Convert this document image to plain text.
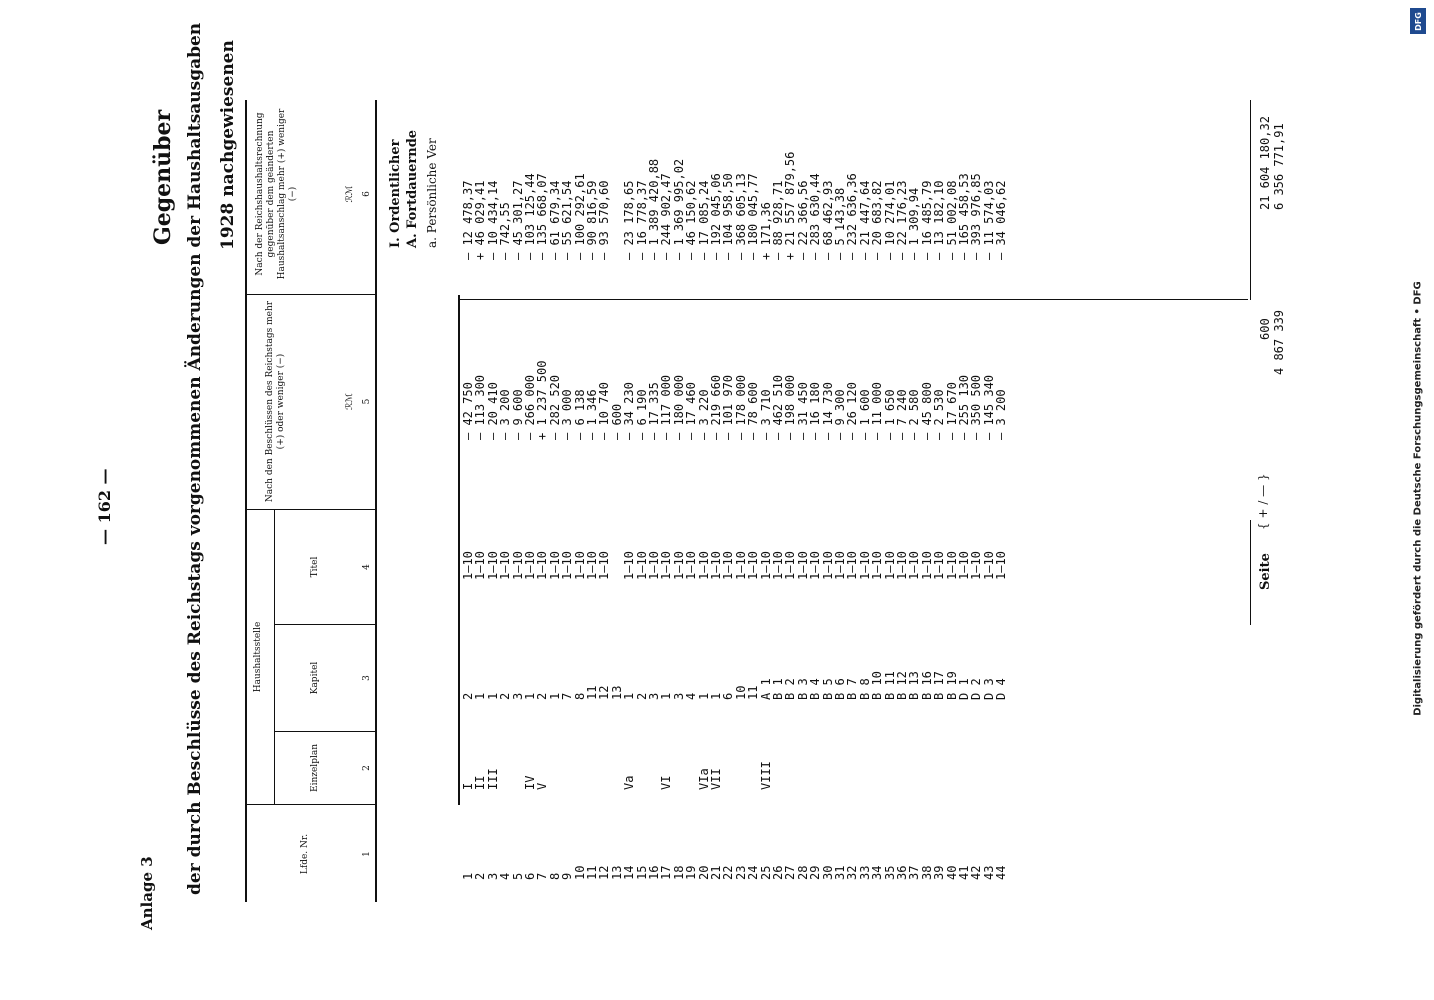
— 162 —
Anlage 3
Gegenüber der durch Beschlüsse des Reichstags vorgenommenen Änderungen der Haushaltsausgaben 1928 nachgewiesenen
Lfde. Nr.
Haushaltsstelle
Einzelplan
Kapitel
Titel
Nach den Beschlüssen des Reichstags mehr (+) oder weniger (−)	ℛℳ
Nach der Reichshaushaltsrechnung gegenüber dem geänderten Haushaltsanschlag mehr (+) weniger (−)	ℛℳ
1
2
3
4
5
6 I. Ordentlicher A. Fortdauernde a. Persönliche Ver
1
I
2
1—10
— 42 750
— 12 478,37
2
II
1
1—10
— 113 300
+ 46 029,41
3
III
1
1—10
— 20 410
— 10 434,14
4
2
1—10
— 3 200
— 742,55
5
3
1—10
— 9 600
— 45 301,27
6
IV
1
1—10
— 266 000
— 103 125,44
7
V
2
1—10
+ 1 237 500
— 135 668,07
8
1
1—10
— 282 520
— 61 679,34
9
7
1—10
— 3 000
— 55 621,54
10
8
1—10
— 6 138
— 100 292,61
11
11
1—10
— 1 346
— 90 816,59
12
12
1—10
— 10 740
— 93 570,60
13
13
— 600
14
Va
1
1—10
— 34 230
— 23 178,65
15
2
1—10
— 6 190
— 16 778,37
16
3
1—10
— 17 335
— 1 389 420,88
17
VI
1
1—10
— 117 000
— 244 902,47
18
3
1—10
— 180 000
— 1 369 995,02
19
4
1—10
— 17 460
— 46 150,62
20
VIa
1
1—10
— 3 220
— 17 085,24
21
VII
1
1—10
— 219 660
— 192 045,06
22
6
1—10
— 101 970
— 104 958,50
23
10
1—10
— 178 000
— 368 605,13
24
11
1—10
— 78 600
— 180 045,77
25
VIII
A 1
1—10
— 3 710
+ 171,36
26
B 1
1—10
— 462 510
— 88 928,71
27
B 2
1—10
— 198 000
+ 21 557 879,56
28
B 3
1—10
— 31 450
— 22 366,56
29
B 4
1—10
— 16 180
— 283 630,44
30
B 5
1—10
— 14 730
— 68 462,93
31
B 6
1—10
— 9 300
— 5 143,38
32
B 7
1—10
— 26 120
— 232 636,36
33
B 8
1—10
— 1 600
— 21 447,64
34
B 10
1—10
— 11 000
— 20 683,82
35
B 11
1—10
— 1 650
— 10 274,01
36
B 12
1—10
— 7 240
— 22 176,23
37
B 13
1—10
— 2 580
— 1 309,94
38
B 16
1—10
— 45 800
— 16 485,79
39
B 17
1—10
— 2 530
— 13 182,10
40
B 19
1—10
— 17 670
— 51 002,08
41
D 1
1—10
— 255 130
— 165 458,53
42
D 2
1—10
— 350 500
— 393 976,85
43
D 3
1—10
— 145 340
— 11 574,03
44
D 4
1—10
— 3 200
— 34 046,62
Seite
{ + / — }
600 4 867 339
21 604 180,32 6 356 771,91
Digitalisierung gefördert durch die Deutsche Forschungsgemeinschaft • DFG
DFG
